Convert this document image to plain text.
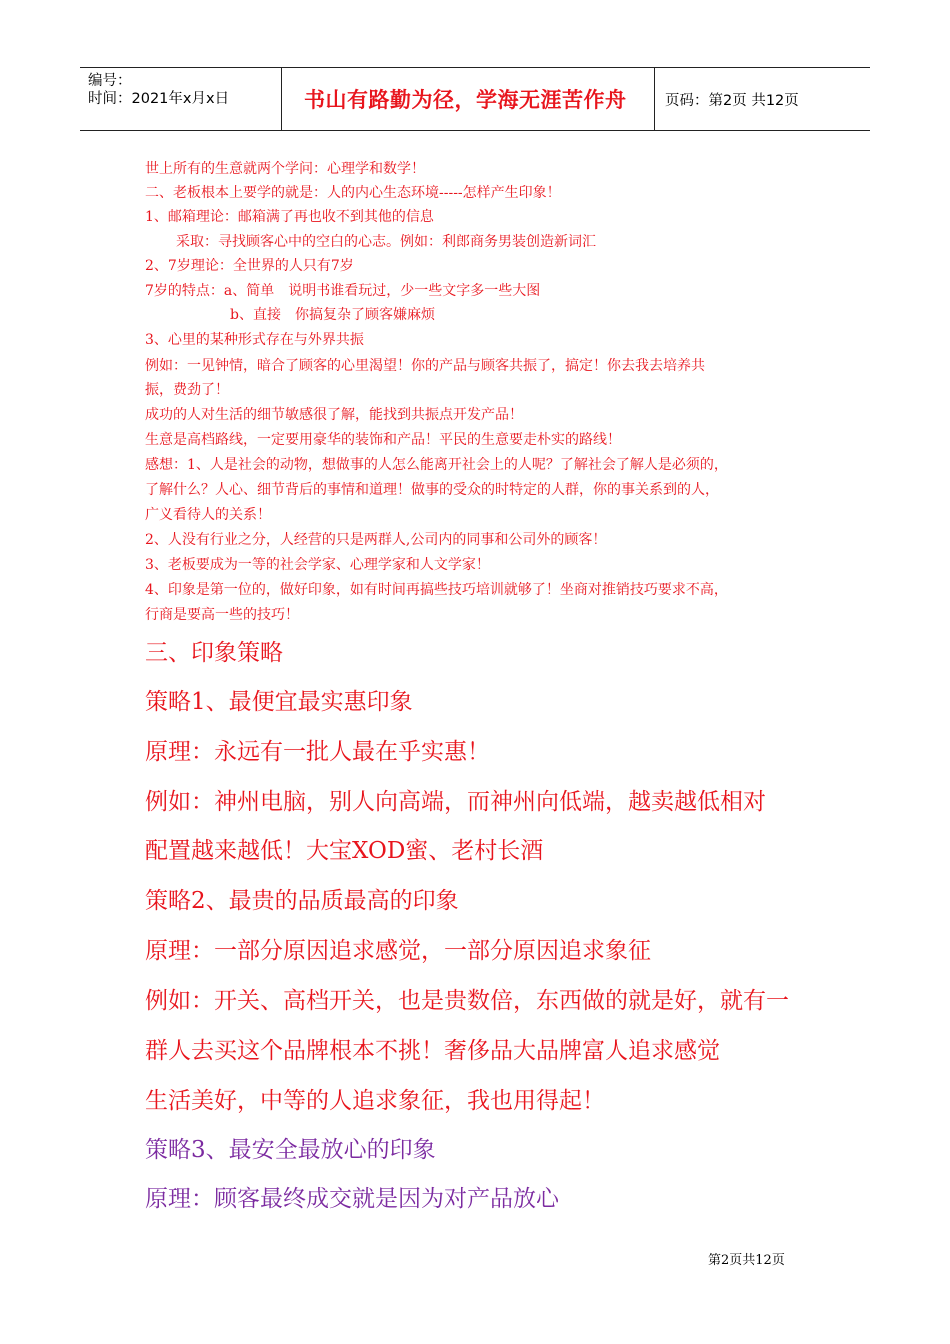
编号：
时间：2021年x月x日	书山有路勤为径，学海无涯苦作舟	页码：第2页 共12页
世上所有的生意就两个学问：心理学和数学！
二、老板根本上要学的就是：人的内心生态环境-----怎样产生印象！
1、邮箱理论：邮箱满了再也收不到其他的信息
采取：寻找顾客心中的空白的心志。例如：利郎商务男装创造新词汇
2、7岁理论：全世界的人只有7岁
7岁的特点：a、简单　说明书谁看玩过，少一些文字多一些大图
b、直接　你搞复杂了顾客嫌麻烦
3、心里的某种形式存在与外界共振
例如：一见钟情，暗合了顾客的心里渴望！你的产品与顾客共振了，搞定！你去我去培养共
振，费劲了！
成功的人对生活的细节敏感很了解，能找到共振点开发产品！
生意是高档路线，一定要用豪华的装饰和产品！平民的生意要走朴实的路线！
感想：1、人是社会的动物，想做事的人怎么能离开社会上的人呢？了解社会了解人是必须的，
了解什么？人心、细节背后的事情和道理！做事的受众的时特定的人群，你的事关系到的人，
广义看待人的关系！
2、人没有行业之分，人经营的只是两群人,公司内的同事和公司外的顾客！
3、老板要成为一等的社会学家、心理学家和人文学家！
4、印象是第一位的，做好印象，如有时间再搞些技巧培训就够了！坐商对推销技巧要求不高，
行商是要高一些的技巧！
三、印象策略
策略1、最便宜最实惠印象
原理：永远有一批人最在乎实惠！
例如：神州电脑，别人向高端，而神州向低端，越卖越低相对
配置越来越低！大宝XOD蜜、老村长酒
策略2、最贵的品质最高的印象
原理：一部分原因追求感觉，一部分原因追求象征
例如：开关、高档开关，也是贵数倍，东西做的就是好，就有一
群人去买这个品牌根本不挑！奢侈品大品牌富人追求感觉
生活美好，中等的人追求象征，我也用得起！
策略3、最安全最放心的印象
原理：顾客最终成交就是因为对产品放心
第2页共12页
